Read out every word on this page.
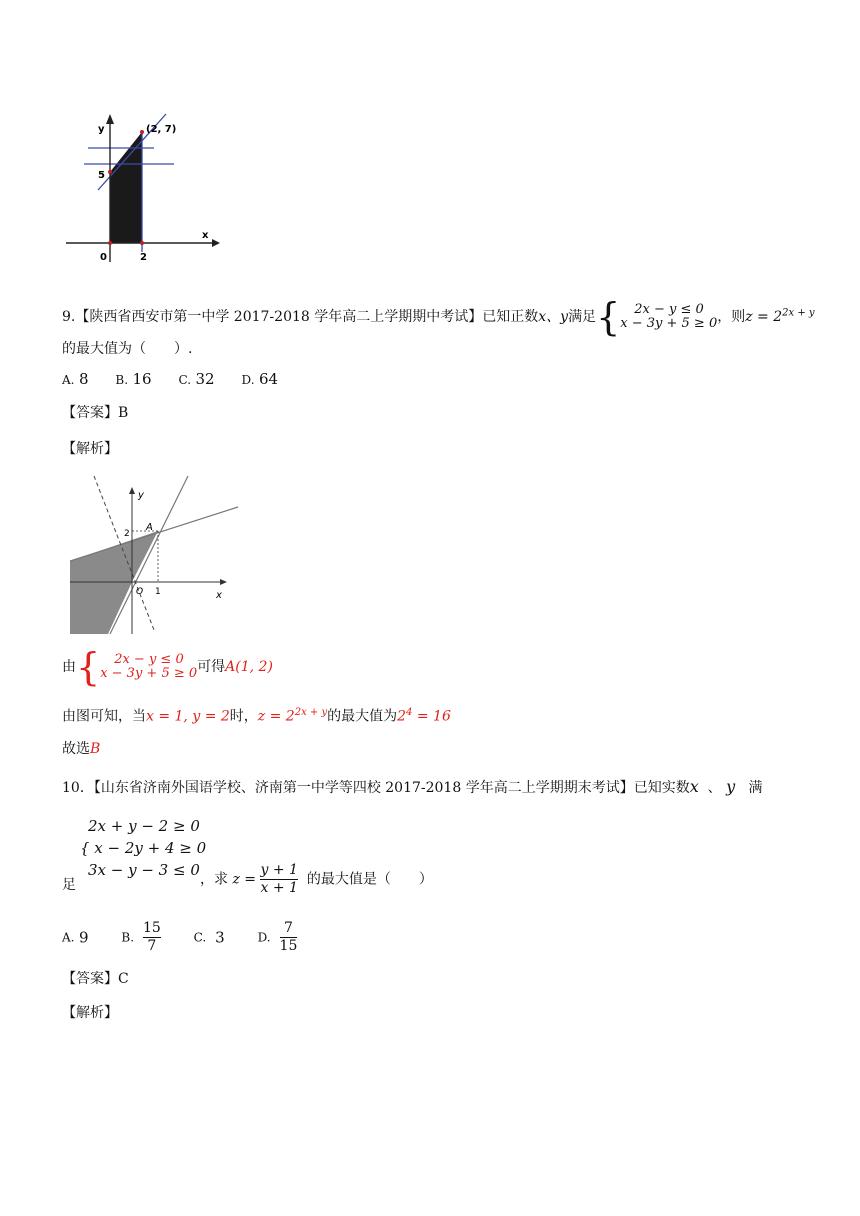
y
x
(2, 7)
5
0	2
9.【陕西省西安市第一中学 2017-2018 学年高二上学期期中考试】已知正数x、y满足{	2x − y ≤ 0
x − 3y + 5 ≥ 0 ，则$z = 2^{2x + y}$
的最大值为（　　）.
A. 8 B. 16 C. 32 D. 64
【答案】B
【解析】
y
x
A
2
O 1
由{	2x − y ≤ 0
x − 3y + 5 ≥ 0 可得A(1, 2)
由图可知，当x = 1, y = 2时，$z = 2^{2x + y}$的最大值为$2^4 = 16$
故选B
10．【山东省济南外国语学校、济南第一中学等四校 2017-2018 学年高二上学期期末考试】已知实数x 、 y 满
2x + y − 2 ≥ 0
{ x − 2y + 4 ≥ 0
3x − y − 3 ≤ 0
足	，求 $z = \frac{y + 1}{x + 1}$ 的最大值是（　　）
A. 9	B. $\frac{15}{7}$	C. 3	D. $\frac{7}{15}$
【答案】C
【解析】
